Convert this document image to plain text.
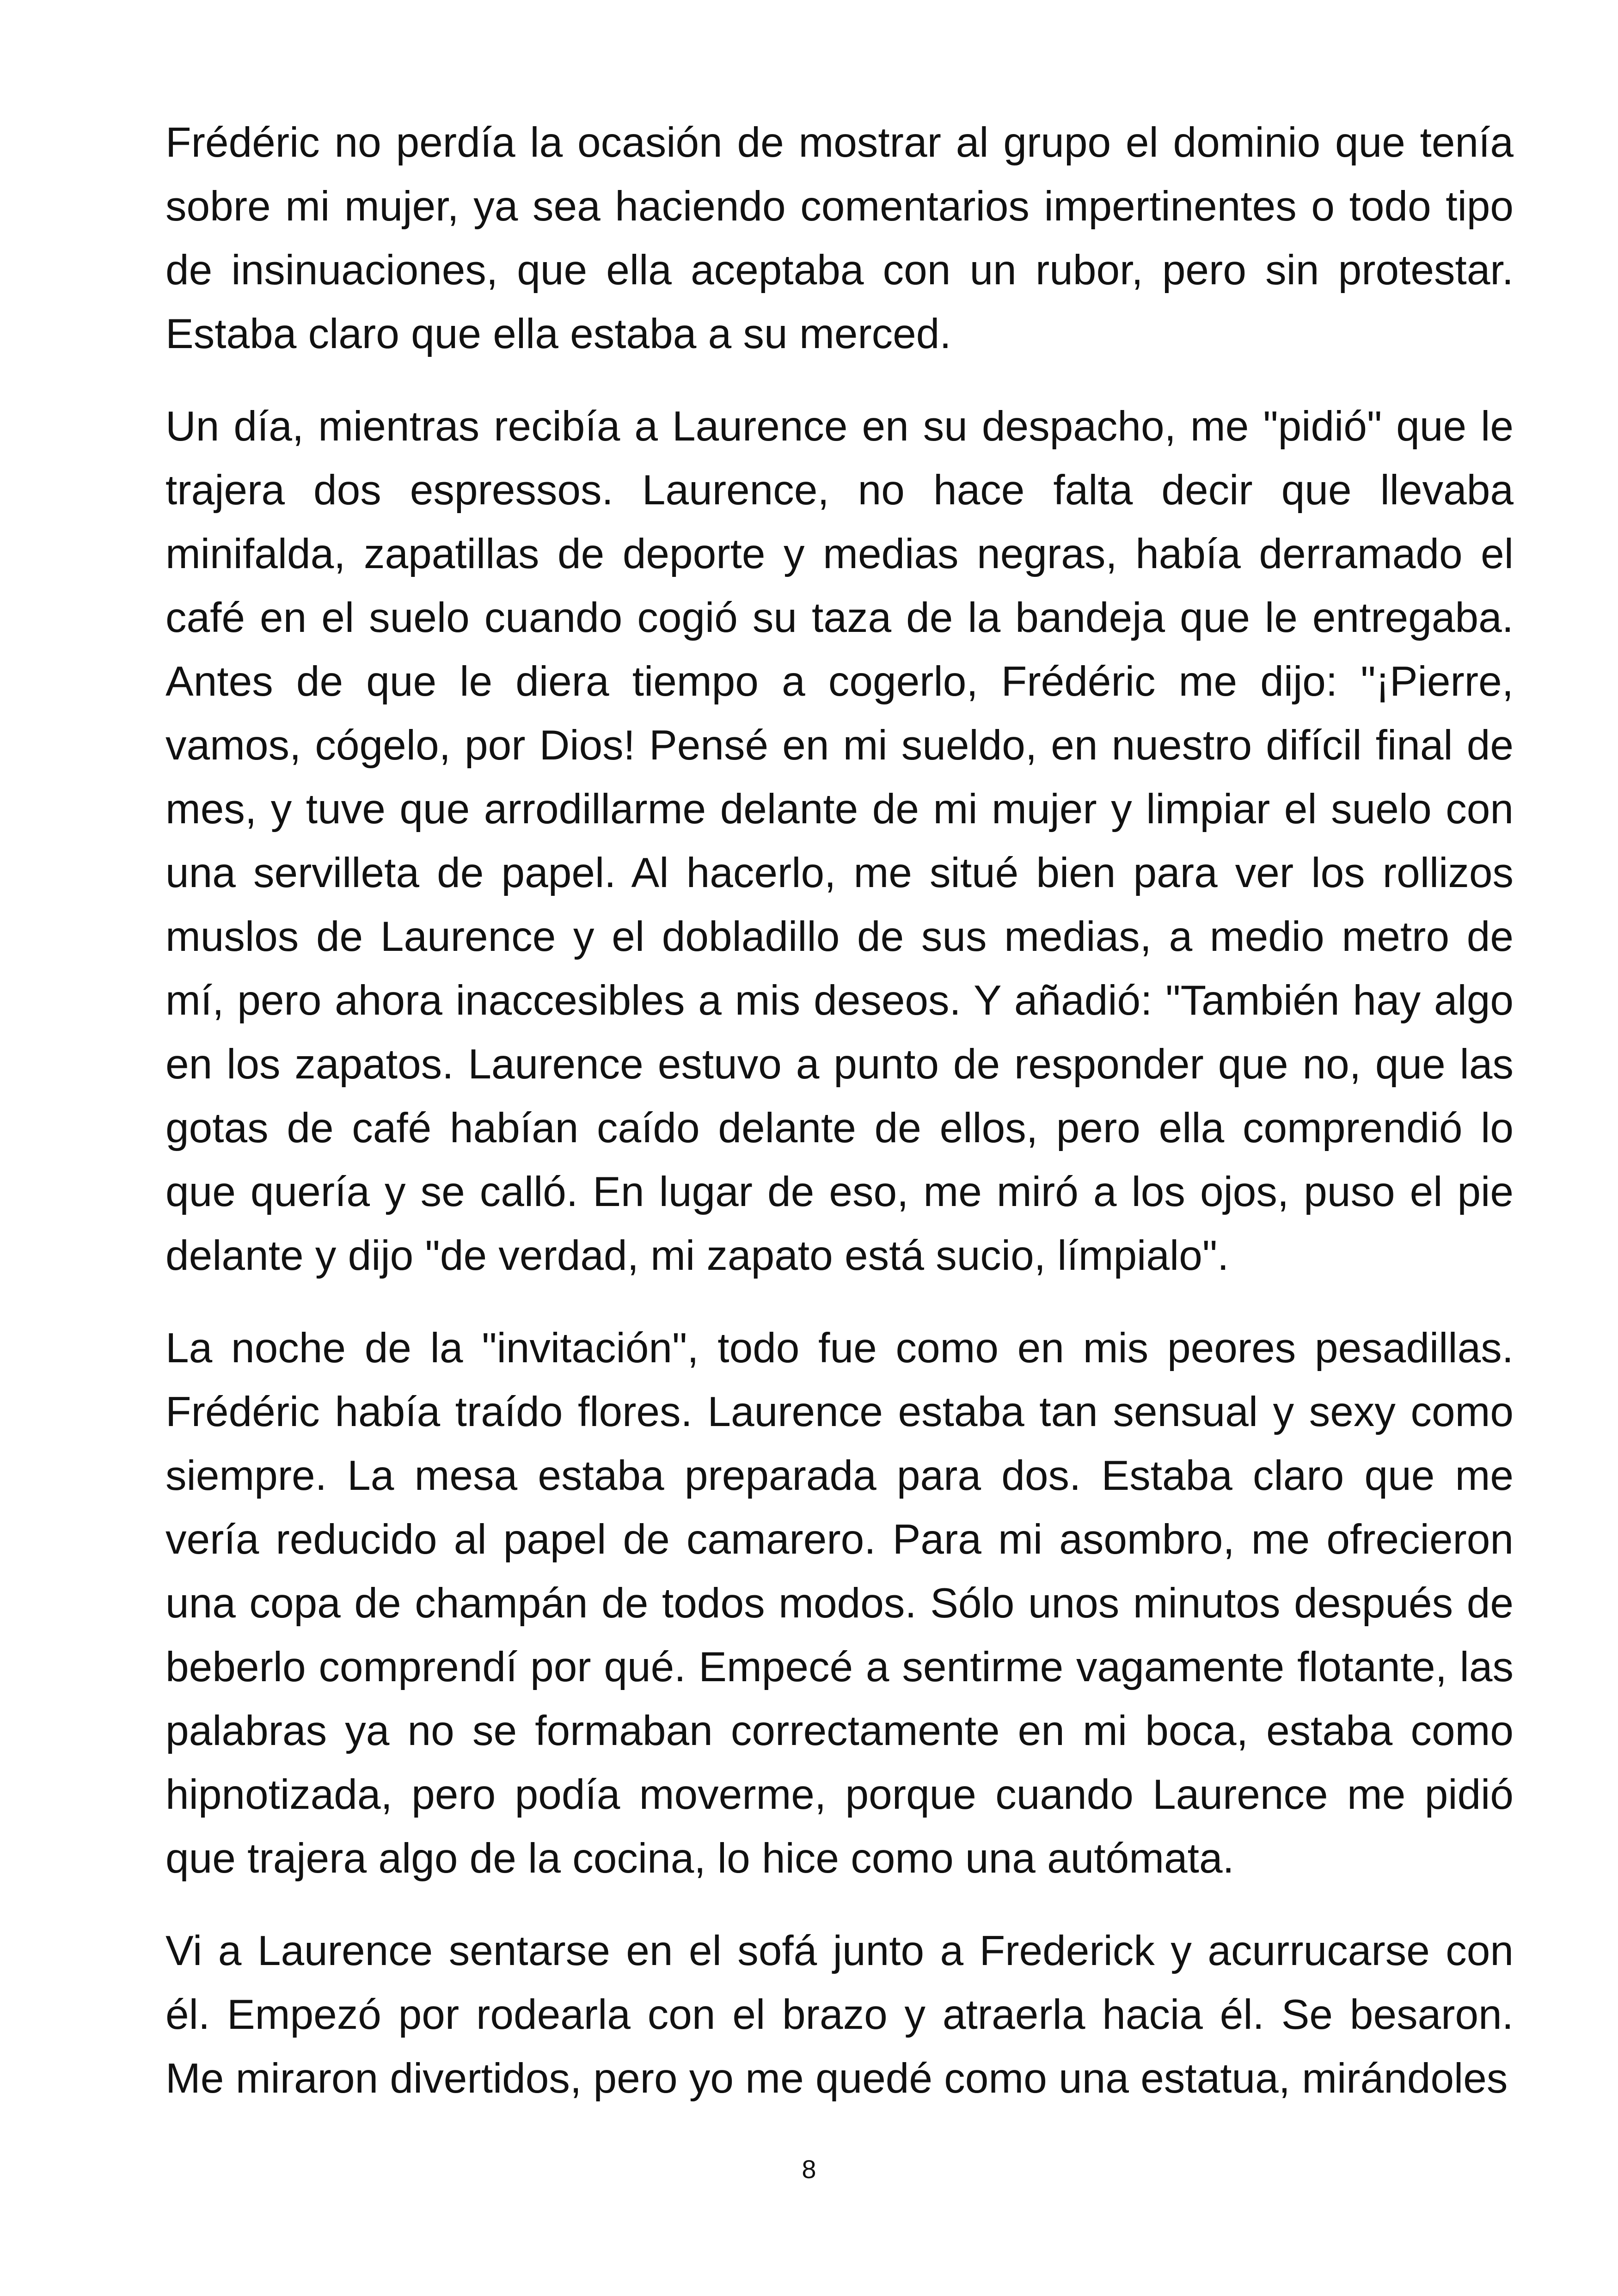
Frédéric no perdía la ocasión de mostrar al grupo el dominio que tenía sobre mi mujer, ya sea haciendo comentarios impertinentes o todo tipo de insinuaciones, que ella aceptaba con un rubor, pero sin protestar. Estaba claro que ella estaba a su merced.

Un día, mientras recibía a Laurence en su despacho, me "pidió" que le trajera dos espressos. Laurence, no hace falta decir que llevaba minifalda, zapatillas de deporte y medias negras, había derramado el café en el suelo cuando cogió su taza de la bandeja que le entregaba. Antes de que le diera tiempo a cogerlo, Frédéric me dijo: "¡Pierre, vamos, cógelo, por Dios! Pensé en mi sueldo, en nuestro difícil final de mes, y tuve que arrodillarme delante de mi mujer y limpiar el suelo con una servilleta de papel. Al hacerlo, me situé bien para ver los rollizos muslos de Laurence y el dobladillo de sus medias, a medio metro de mí, pero ahora inaccesibles a mis deseos. Y añadió: "También hay algo en los zapatos. Laurence estuvo a punto de responder que no, que las gotas de café habían caído delante de ellos, pero ella comprendió lo que quería y se calló. En lugar de eso, me miró a los ojos, puso el pie delante y dijo "de verdad, mi zapato está sucio, límpialo".

La noche de la "invitación", todo fue como en mis peores pesadillas. Frédéric había traído flores. Laurence estaba tan sensual y sexy como siempre. La mesa estaba preparada para dos. Estaba claro que me vería reducido al papel de camarero. Para mi asombro, me ofrecieron una copa de champán de todos modos. Sólo unos minutos después de beberlo comprendí por qué. Empecé a sentirme vagamente flotante, las palabras ya no se formaban correctamente en mi boca, estaba como hipnotizada, pero podía moverme, porque cuando Laurence me pidió que trajera algo de la cocina, lo hice como una autómata.

Vi a Laurence sentarse en el sofá junto a Frederick y acurrucarse con él. Empezó por rodearla con el brazo y atraerla hacia él. Se besaron. Me miraron divertidos, pero yo me quedé como una estatua, mirándoles

8
